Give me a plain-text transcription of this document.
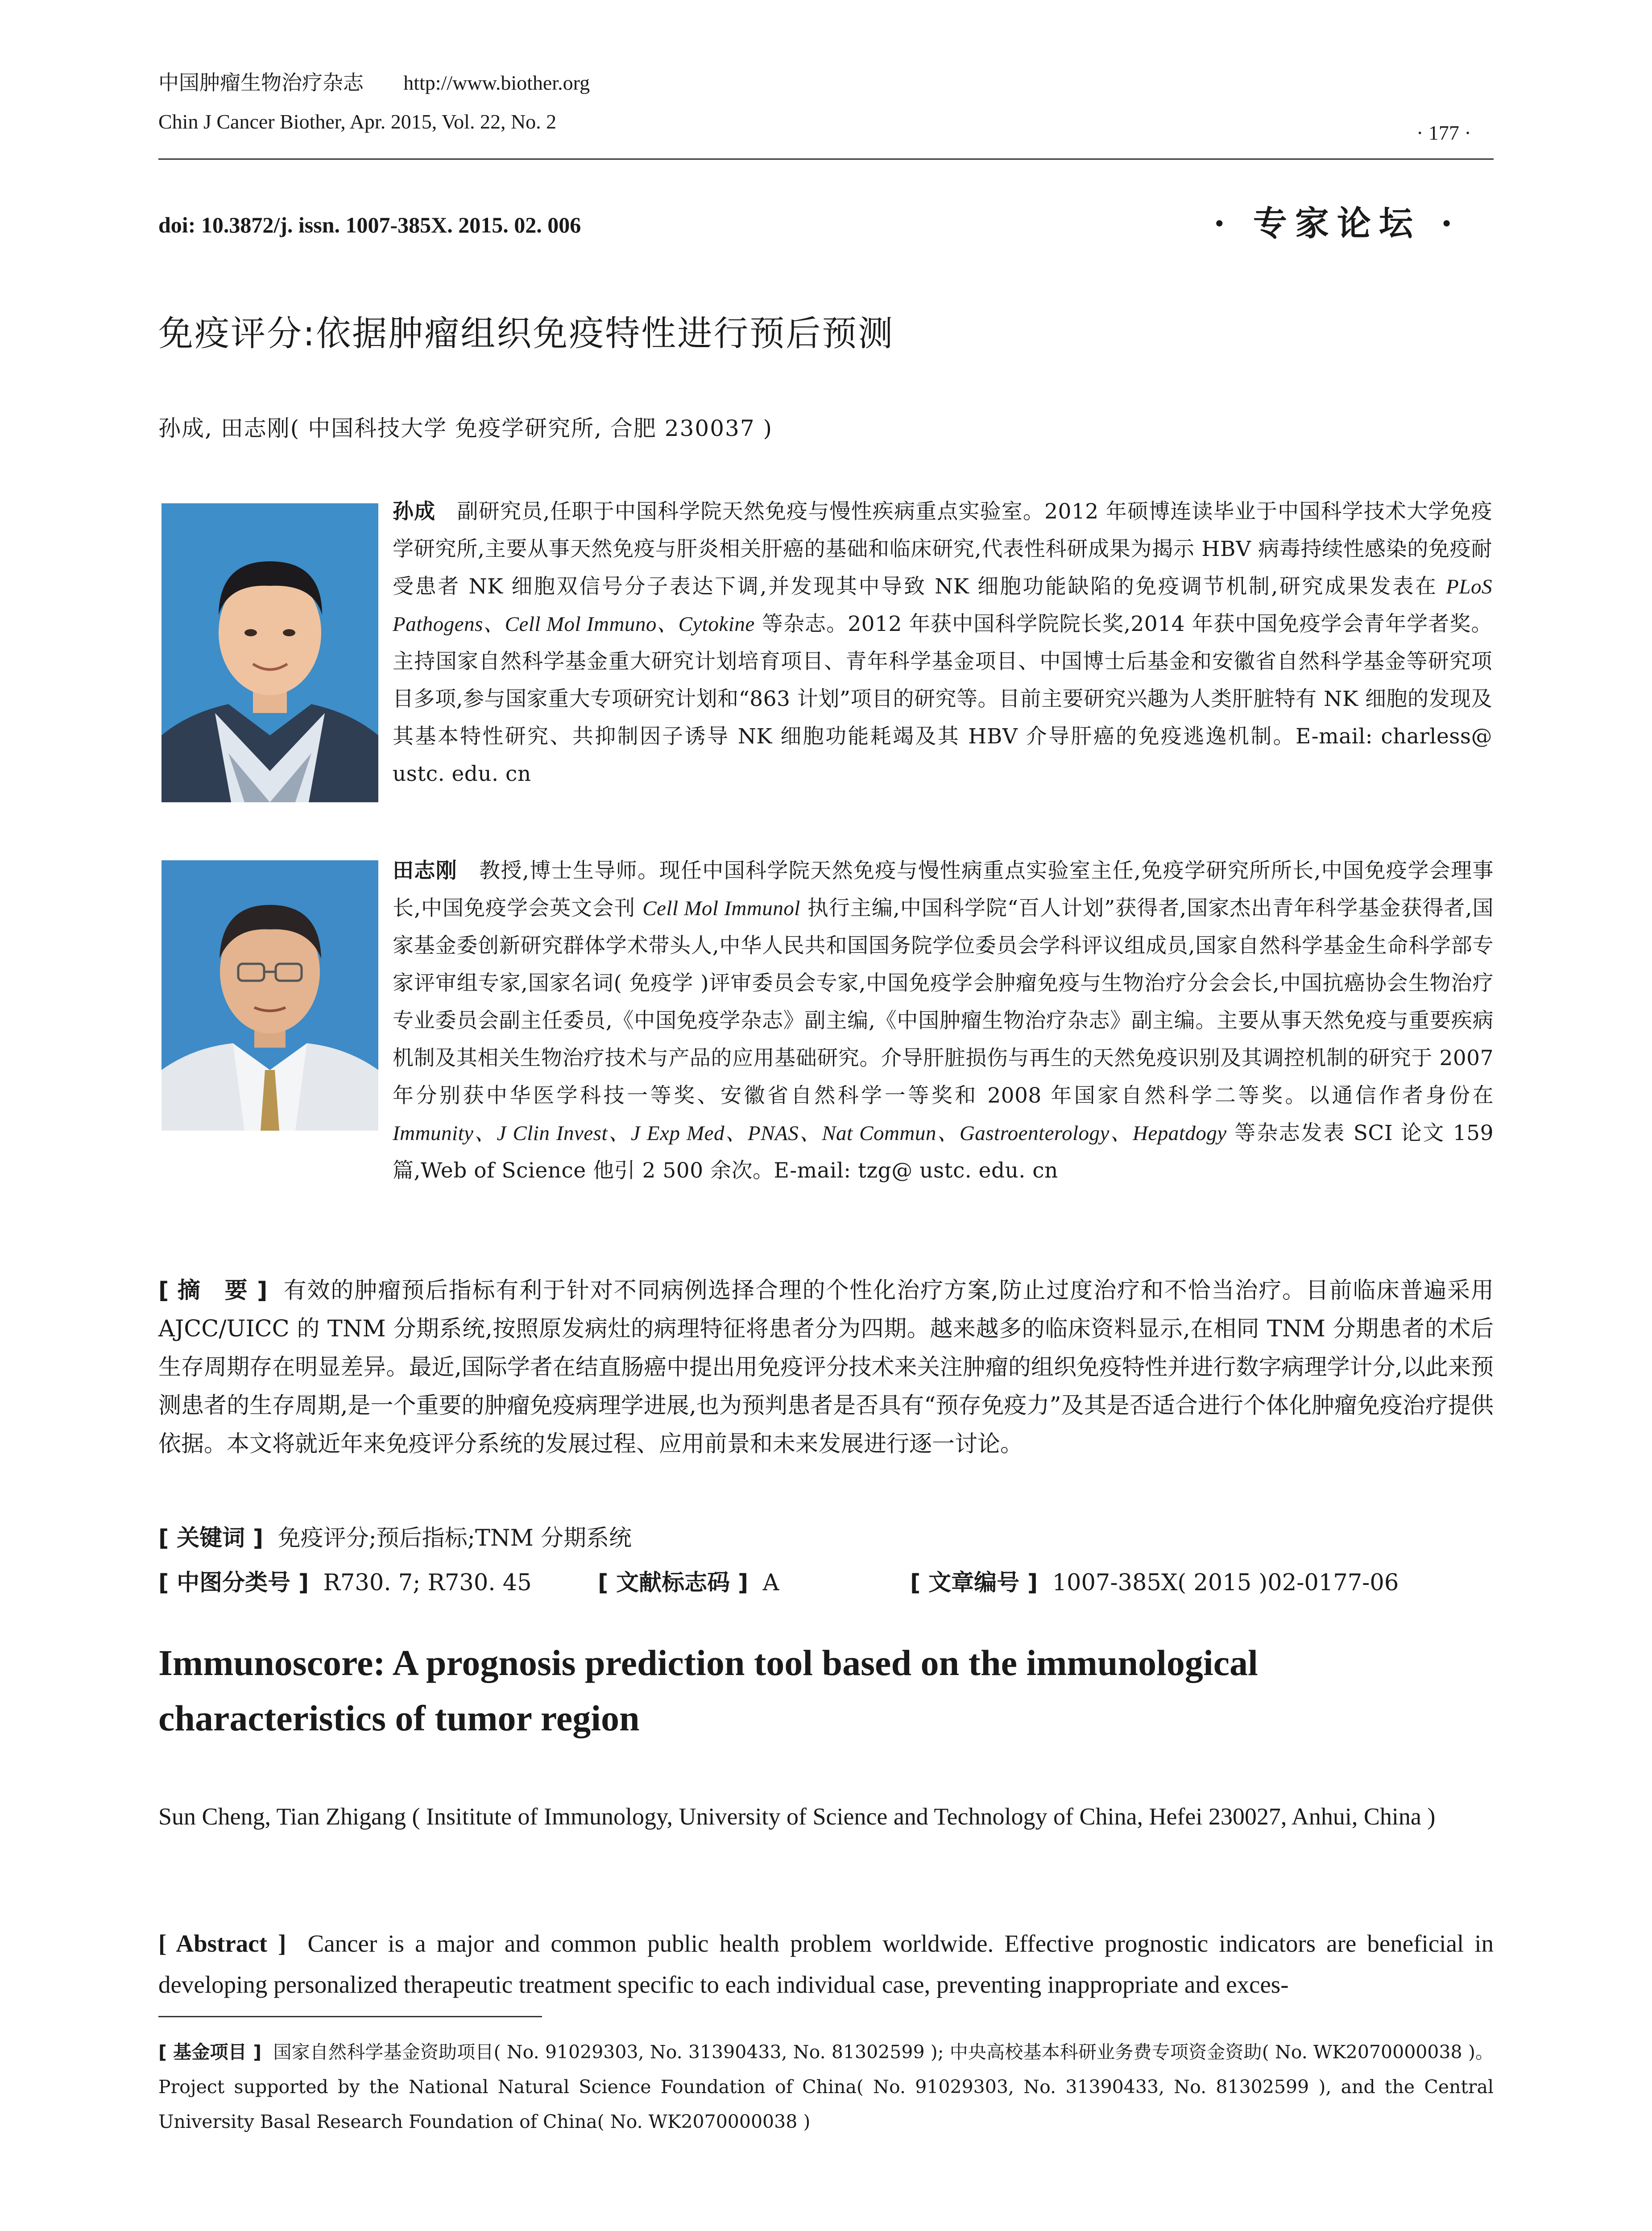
中国肿瘤生物治疗杂志 http://www.biother.org
Chin J Cancer Biother, Apr. 2015, Vol. 22, No. 2	· 177 ·
doi: 10.3872/j. issn. 1007-385X. 2015. 02. 006	· 专家论坛 ·
免疫评分:依据肿瘤组织免疫特性进行预后预测
孙成, 田志刚( 中国科技大学 免疫学研究所, 合肥 230037 )
孙成 副研究员,任职于中国科学院天然免疫与慢性疾病重点实验室。2012 年硕博连读毕业于中国科学技术大学免疫学研究所,主要从事天然免疫与肝炎相关肝癌的基础和临床研究,代表性科研成果为揭示 HBV 病毒持续性感染的免疫耐受患者 NK 细胞双信号分子表达下调,并发现其中导致 NK 细胞功能缺陷的免疫调节机制,研究成果发表在 PLoS Pathogens、Cell Mol Immuno、Cytokine 等杂志。2012 年获中国科学院院长奖,2014 年获中国免疫学会青年学者奖。主持国家自然科学基金重大研究计划培育项目、青年科学基金项目、中国博士后基金和安徽省自然科学基金等研究项目多项,参与国家重大专项研究计划和“863 计划”项目的研究等。目前主要研究兴趣为人类肝脏特有 NK 细胞的发现及其基本特性研究、共抑制因子诱导 NK 细胞功能耗竭及其 HBV 介导肝癌的免疫逃逸机制。E-mail: charless@ ustc. edu. cn
田志刚 教授,博士生导师。现任中国科学院天然免疫与慢性病重点实验室主任,免疫学研究所所长,中国免疫学会理事长,中国免疫学会英文会刊 Cell Mol Immunol 执行主编,中国科学院“百人计划”获得者,国家杰出青年科学基金获得者,国家基金委创新研究群体学术带头人,中华人民共和国国务院学位委员会学科评议组成员,国家自然科学基金生命科学部专家评审组专家,国家名词( 免疫学 )评审委员会专家,中国免疫学会肿瘤免疫与生物治疗分会会长,中国抗癌协会生物治疗专业委员会副主任委员,《中国免疫学杂志》副主编,《中国肿瘤生物治疗杂志》副主编。主要从事天然免疫与重要疾病机制及其相关生物治疗技术与产品的应用基础研究。介导肝脏损伤与再生的天然免疫识别及其调控机制的研究于 2007 年分别获中华医学科技一等奖、安徽省自然科学一等奖和 2008 年国家自然科学二等奖。以通信作者身份在 Immunity、J Clin Invest、J Exp Med、PNAS、Nat Commun、Gastroenterology、Hepatdogy 等杂志发表 SCI 论文 159 篇,Web of Science 他引 2 500 余次。E-mail: tzg@ ustc. edu. cn
[ 摘　要 ] 有效的肿瘤预后指标有利于针对不同病例选择合理的个性化治疗方案,防止过度治疗和不恰当治疗。目前临床普遍采用 AJCC/UICC 的 TNM 分期系统,按照原发病灶的病理特征将患者分为四期。越来越多的临床资料显示,在相同 TNM 分期患者的术后生存周期存在明显差异。最近,国际学者在结直肠癌中提出用免疫评分技术来关注肿瘤的组织免疫特性并进行数字病理学计分,以此来预测患者的生存周期,是一个重要的肿瘤免疫病理学进展,也为预判患者是否具有“预存免疫力”及其是否适合进行个体化肿瘤免疫治疗提供依据。本文将就近年来免疫评分系统的发展过程、应用前景和未来发展进行逐一讨论。
[ 关键词 ] 免疫评分;预后指标;TNM 分期系统
[ 中图分类号 ] R730. 7; R730. 45	[ 文献标志码 ] A	[ 文章编号 ] 1007-385X( 2015 )02-0177-06
Immunoscore: A prognosis prediction tool based on the immunological characteristics of tumor region
Sun Cheng, Tian Zhigang ( Insititute of Immunology, University of Science and Technology of China, Hefei 230027, Anhui, China )
[ Abstract ] Cancer is a major and common public health problem worldwide. Effective prognostic indicators are beneficial in developing personalized therapeutic treatment specific to each individual case, preventing inappropriate and exces-
[ 基金项目 ] 国家自然科学基金资助项目( No. 91029303, No. 31390433, No. 81302599 ); 中央高校基本科研业务费专项资金资助( No. WK2070000038 )。Project supported by the National Natural Science Foundation of China( No. 91029303, No. 31390433, No. 81302599 ), and the Central University Basal Research Foundation of China( No. WK2070000038 )
